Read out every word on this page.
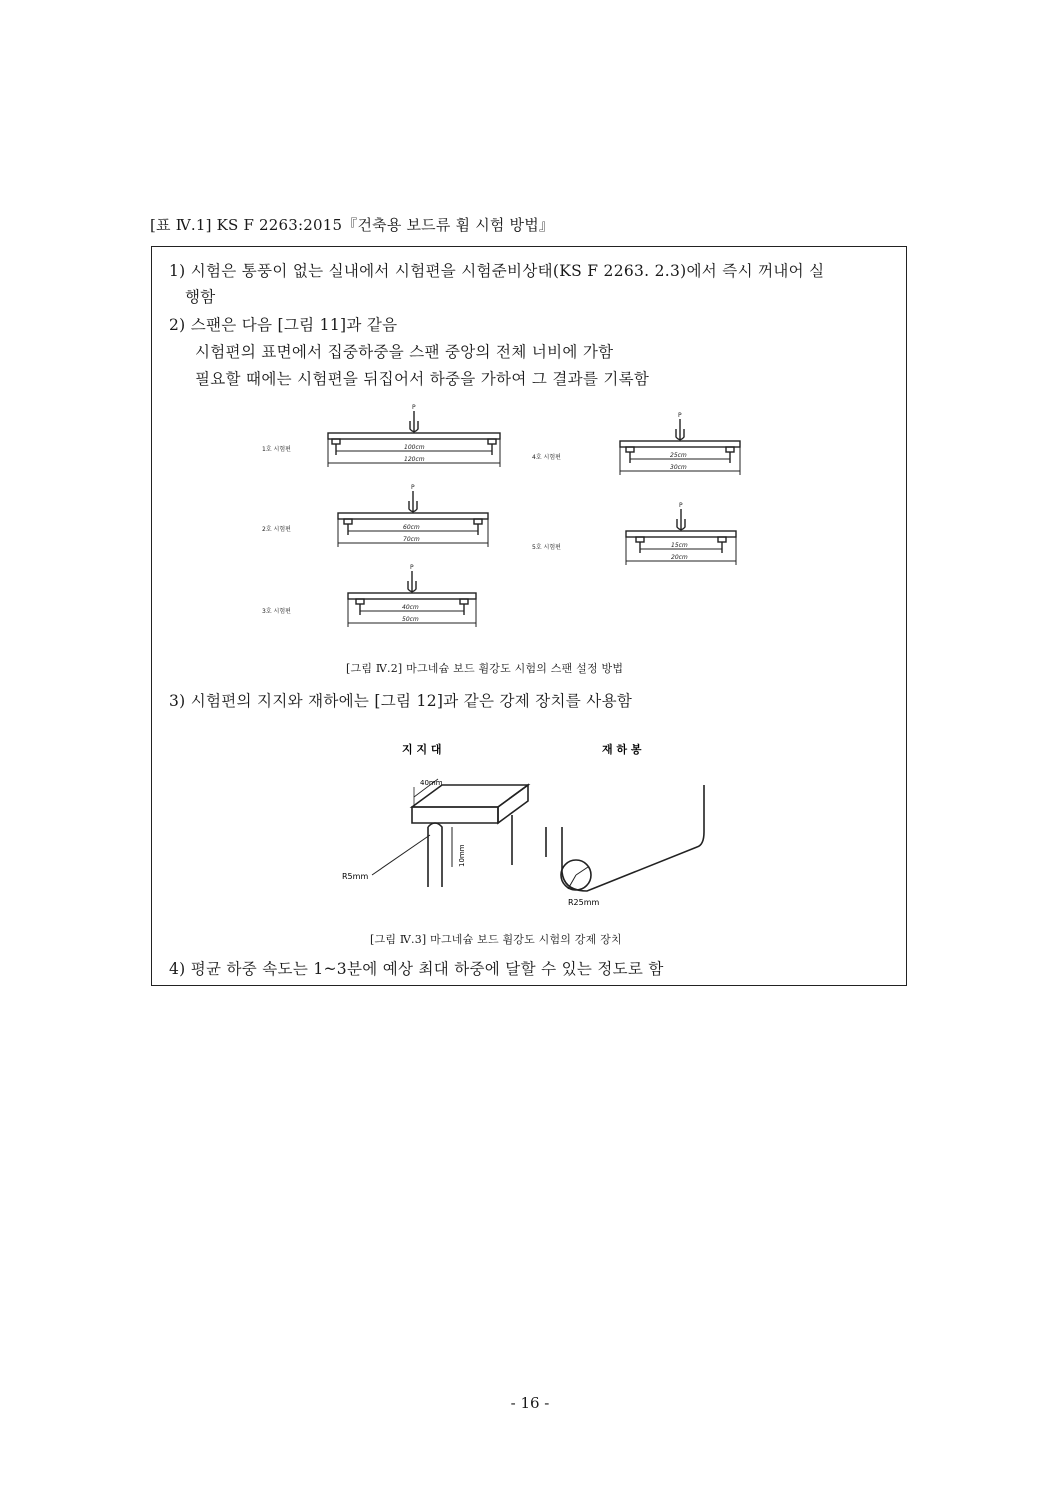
[표 Ⅳ.1] KS F 2263:2015『건축용 보드류 휨 시험 방법』
1) 시험은 통풍이 없는 실내에서 시험편을 시험준비상태(KS F 2263. 2.3)에서 즉시 꺼내어 실
행함
2) 스팬은 다음 [그림 11]과 같음
시험편의 표면에서 집중하중을 스팬 중앙의 전체 너비에 가함
필요할 때에는 시험편을 뒤집어서 하중을 가하여 그 결과를 기록함
1호 시험편
P
100cm
120cm
2호 시험편
P
60cm
70cm
3호 시험편
P
40cm
50cm
4호 시험편
P
25cm
30cm
5호 시험편
P
15cm
20cm
[그림 Ⅳ.2] 마그네슘 보드 휨강도 시험의 스팬 설정 방법
3) 시험편의 지지와 재하에는 [그림 12]과 같은 강제 장치를 사용함
지 지 대	재 하 봉
40mm
10mm
R5mm
R25mm
[그림 Ⅳ.3] 마그네슘 보드 휨강도 시험의 강제 장치
4) 평균 하중 속도는 1~3분에 예상 최대 하중에 달할 수 있는 정도로 함
- 16 -
